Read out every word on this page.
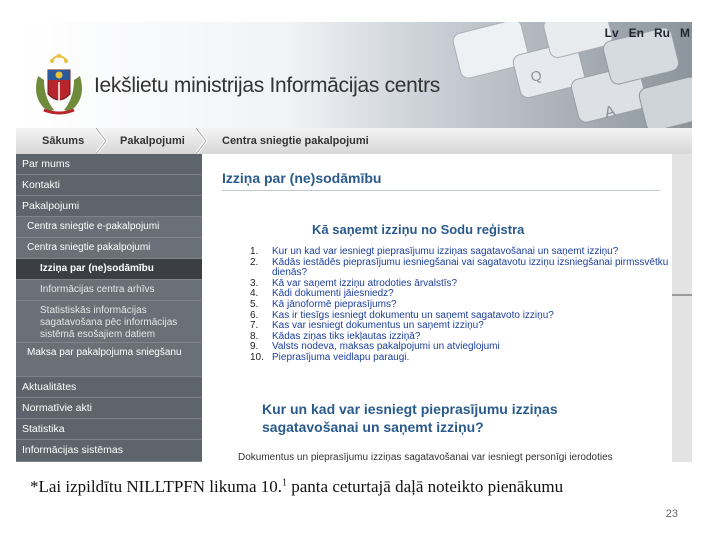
A
Q
Lv En Ru M
Iekšlietu ministrijas Informācijas centrs
Sākums	Pakalpojumi	Centra sniegtie pakalpojumi
Par mums
Kontakti
Pakalpojumi
Centra sniegtie e-pakalpojumi
Centra sniegtie pakalpojumi
Izziņa par (ne)sodāmību
Informācijas centra arhīvs
Statistiskās informācijas sagatavošana pēc informācijas sistēmā esošajiem datiem
Maksa par pakalpojuma sniegšanu
Aktualitātes
Normatīvie akti
Statistika
Informācijas sistēmas
Izziņa par (ne)sodāmību
Kā saņemt izziņu no Sodu reģistra
1. Kur un kad var iesniegt pieprasījumu izziņas sagatavošanai un saņemt izziņu?
2. Kādās iestādēs pieprasījumu iesniegšanai vai sagatavotu izziņu izsniegšanai pirmssvētku dienās?
3. Kā var saņemt izziņu atrodoties ārvalstīs?
4. Kādi dokumenti jāiesniedz?
5. Kā jānoformē pieprasījums?
6. Kas ir tiesīgs iesniegt dokumentu un saņemt sagatavoto izziņu?
7. Kas var iesniegt dokumentus un saņemt izziņu?
8. Kādas ziņas tiks iekļautas izziņā?
9. Valsts nodeva, maksas pakalpojumi un atvieglojumi
10. Pieprasījuma veidlapu paraugi.
Kur un kad var iesniegt pieprasījumu izziņas
sagatavošanai un saņemt izziņu?
Dokumentus un pieprasījumu izziņas sagatavošanai var iesniegt personīgi ierodoties
*Lai izpildītu NILLTPFN likuma 10.$^1$ panta ceturtajā daļā noteikto pienākumu
23
